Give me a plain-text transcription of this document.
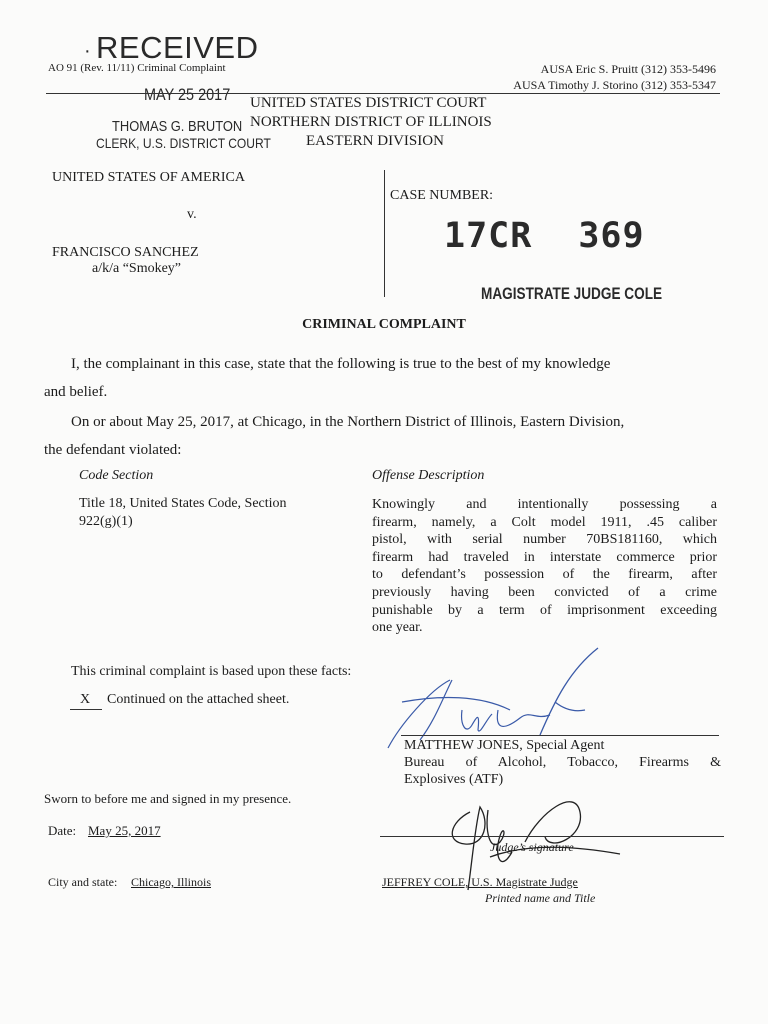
· RECEIVED
MAY 25 2017
THOMAS G. BRUTON
CLERK, U.S. DISTRICT COURT
AO 91 (Rev. 11/11) Criminal Complaint	AUSA Eric S. Pruitt (312) 353-5496
AUSA Timothy J. Storino (312) 353-5347
UNITED STATES DISTRICT COURT
NORTHERN DISTRICT OF ILLINOIS
EASTERN DIVISION
UNITED STATES OF AMERICA
v.
FRANCISCO SANCHEZ
a/k/a “Smokey”
CASE NUMBER:
17CR 369
MAGISTRATE JUDGE COLE
CRIMINAL COMPLAINT
I, the complainant in this case, state that the following is true to the best of my knowledge
and belief.
On or about May 25, 2017, at Chicago, in the Northern District of Illinois, Eastern Division,
the defendant violated:
Code Section	Offense Description
Title 18, United States Code, Section
922(g)(1)
Knowingly and intentionally possessing a
firearm, namely, a Colt model 1911, .45 caliber
pistol, with serial number 70BS181160, which
firearm had traveled in interstate commerce prior
to defendant’s possession of the firearm, after
previously having been convicted of a crime
punishable by a term of imprisonment exceeding
one year.
This criminal complaint is based upon these facts:
X Continued on the attached sheet.
MATTHEW JONES, Special Agent
Bureau of Alcohol, Tobacco, Firearms &
Explosives (ATF)
Sworn to before me and signed in my presence.
Date: May 25, 2017
City and state: Chicago, Illinois
Judge’s signature
JEFFREY COLE, U.S. Magistrate Judge
Printed name and Title
